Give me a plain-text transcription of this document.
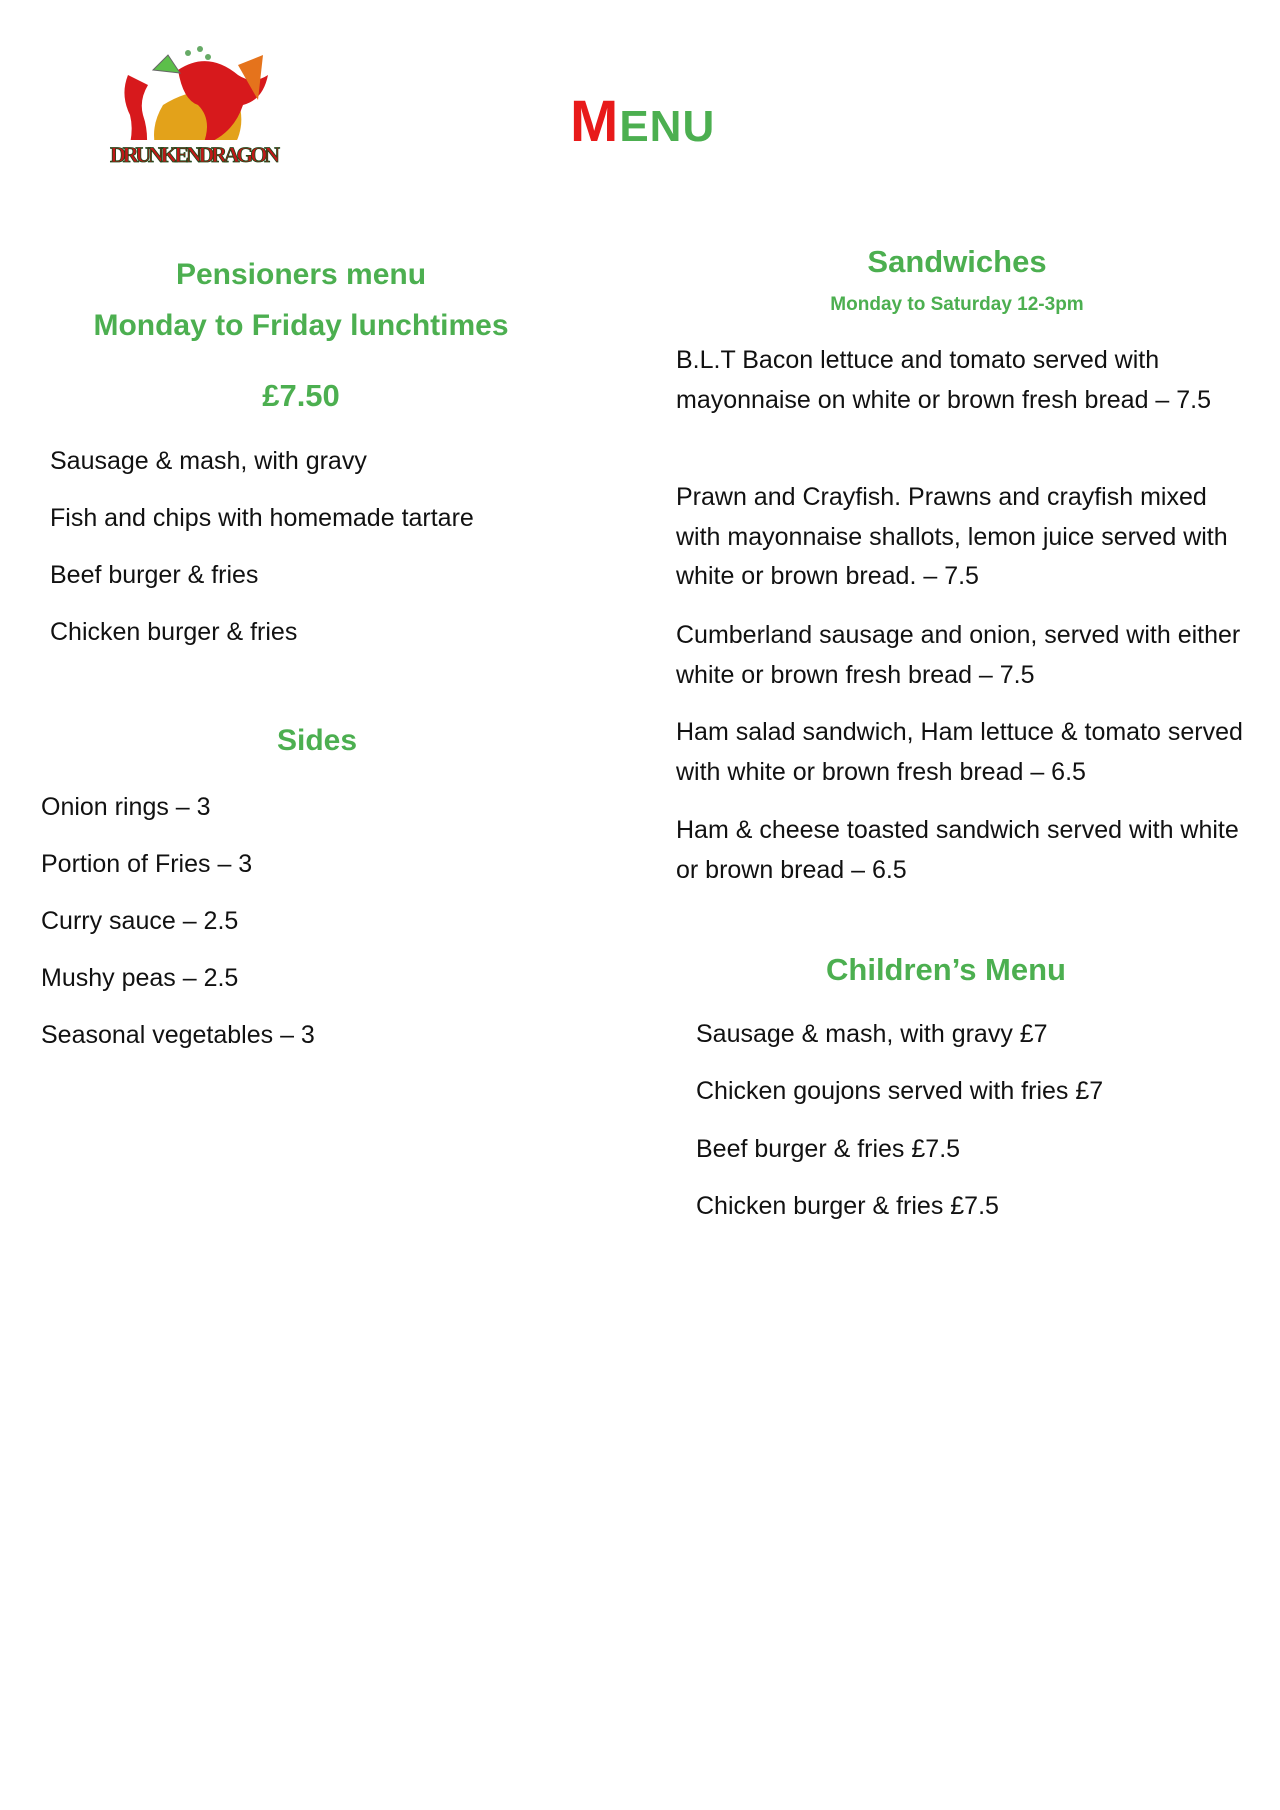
DRUNKENDRAGON
MENU
Pensioners menu
Monday to Friday lunchtimes
£7.50
Sausage & mash, with gravy
Fish and chips with homemade tartare
Beef burger & fries
Chicken burger & fries
Sides
Onion rings – 3
Portion of Fries – 3
Curry sauce – 2.5
Mushy peas – 2.5
Seasonal vegetables – 3
Sandwiches
Monday to Saturday 12-3pm
B.L.T Bacon lettuce and tomato served with mayonnaise on white or brown fresh bread – 7.5
Prawn and Crayfish. Prawns and crayfish mixed with mayonnaise shallots, lemon juice served with white or brown bread. – 7.5
Cumberland sausage and onion, served with either white or brown fresh bread – 7.5
Ham salad sandwich, Ham lettuce & tomato served with white or brown fresh bread – 6.5
Ham & cheese toasted sandwich served with white or brown bread – 6.5
Children’s Menu
Sausage & mash, with gravy £7
Chicken goujons served with fries £7
Beef burger & fries £7.5
Chicken burger & fries £7.5
